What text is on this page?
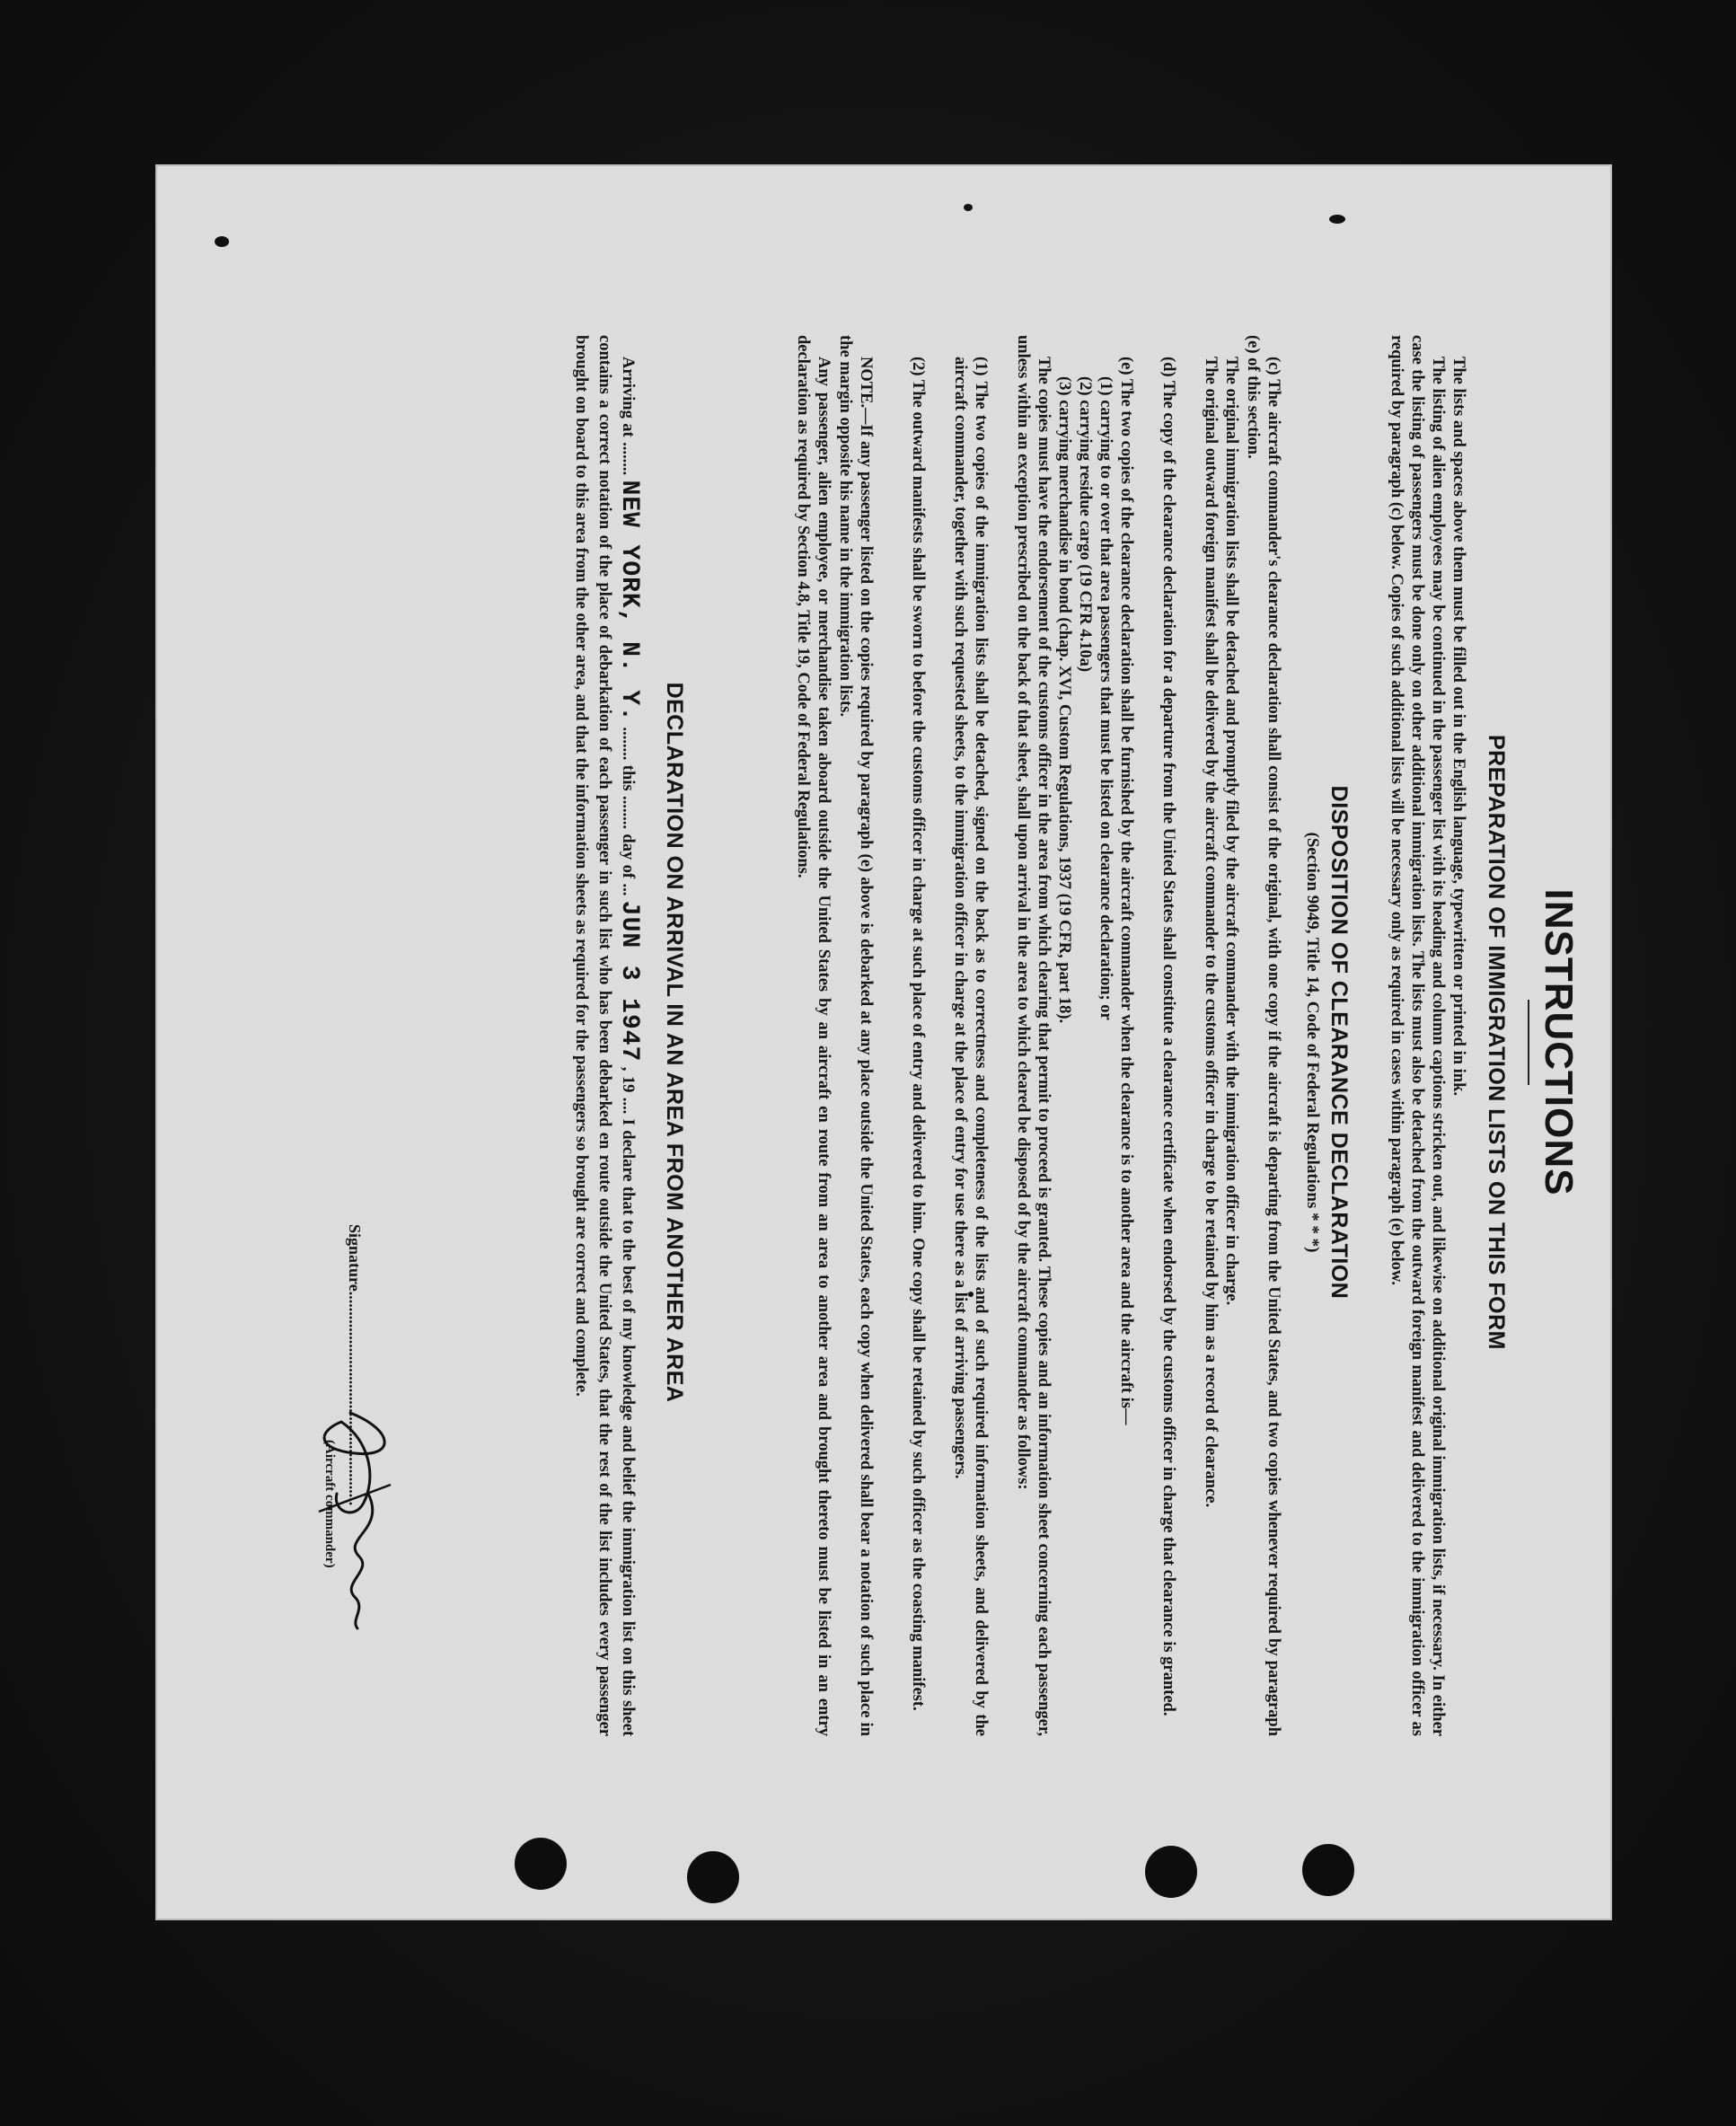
INSTRUCTIONS
PREPARATION OF IMMIGRATION LISTS ON THIS FORM

The lists and spaces above them must be filled out in the English language, typewritten or printed in ink.

The listing of alien employees may be continued in the passenger list with its heading and column captions stricken out, and likewise on additional original immigration lists, if necessary. In either case the listing of passengers must be done only on other additional immigration lists. The lists must also be detached from the outward foreign manifest and delivered to the immigration officer as required by paragraph (c) below. Copies of such additional lists will be necessary only as required in cases within paragraph (e) below.

DISPOSITION OF CLEARANCE DECLARATION

(Section 9049, Title 14, Code of Federal Regulations * * *)

(c) The aircraft commander's clearance declaration shall consist of the original, with one copy if the aircraft is departing from the United States, and two copies whenever required by paragraph (e) of this section.

The original immigration lists shall be detached and promptly filed by the aircraft commander with the immigration officer in charge.

The original outward foreign manifest shall be delivered by the aircraft commander to the customs officer in charge to be retained by him as a record of clearance.

(d) The copy of the clearance declaration for a departure from the United States shall constitute a clearance certificate when endorsed by the customs officer in charge that clearance is granted.

(e) The two copies of the clearance declaration shall be furnished by the aircraft commander when the clearance is to another area and the aircraft is—

(1) carrying to or over that area passengers that must be listed on clearance declaration; or

(2) carrying residue cargo (19 CFR 4.10a)

(3) carrying merchandise in bond (chap. XVI, Custom Regulations, 1937 (19 CFR, part 18).

The copies must have the endorsement of the customs officer in the area from which clearing that permit to proceed is granted. These copies and an information sheet concerning each passenger, unless within an exception prescribed on the back of that sheet, shall upon arrival in the area to which cleared be disposed of by the aircraft commander as follows:

(1) The two copies of the immigration lists shall be detached, signed on the back as to correctness and completeness of the lists and of such required information sheets, and delivered by the aircraft commander, together with such requested sheets, to the immigration officer in charge at the place of entry for use there as a list of arriving passengers.

(2) The outward manifests shall be sworn to before the customs officer in charge at such place of entry and delivered to him. One copy shall be retained by such officer as the coasting manifest.

NOTE.—If any passenger listed on the copies required by paragraph (e) above is debarked at any place outside the United States, each copy when delivered shall bear a notation of such place in the margin opposite his name in the immigration lists.

Any passenger, alien employee, or merchandise taken aboard outside the United States by an aircraft en route from an area to another area and brought thereto must be listed in an entry declaration as required by Section 4.8, Title 19, Code of Federal Regulations.

DECLARATION ON ARRIVAL IN AN AREA FROM ANOTHER AREA

Arriving at ........ NEW YORK, N. Y. ........ this ........ day of ... JUN 3 1947 , 19 .... I declare that to the best of my knowledge and belief the immigration list on this sheet contains a correct notation of the place of debarkation of each passenger in such list who has been debarked en route outside the United States, that the rest of the list includes every passenger brought on board to this area from the other area, and that the information sheets as required for the passengers so brought are correct and complete.

Signature.....................................................
(Aircraft commander)
